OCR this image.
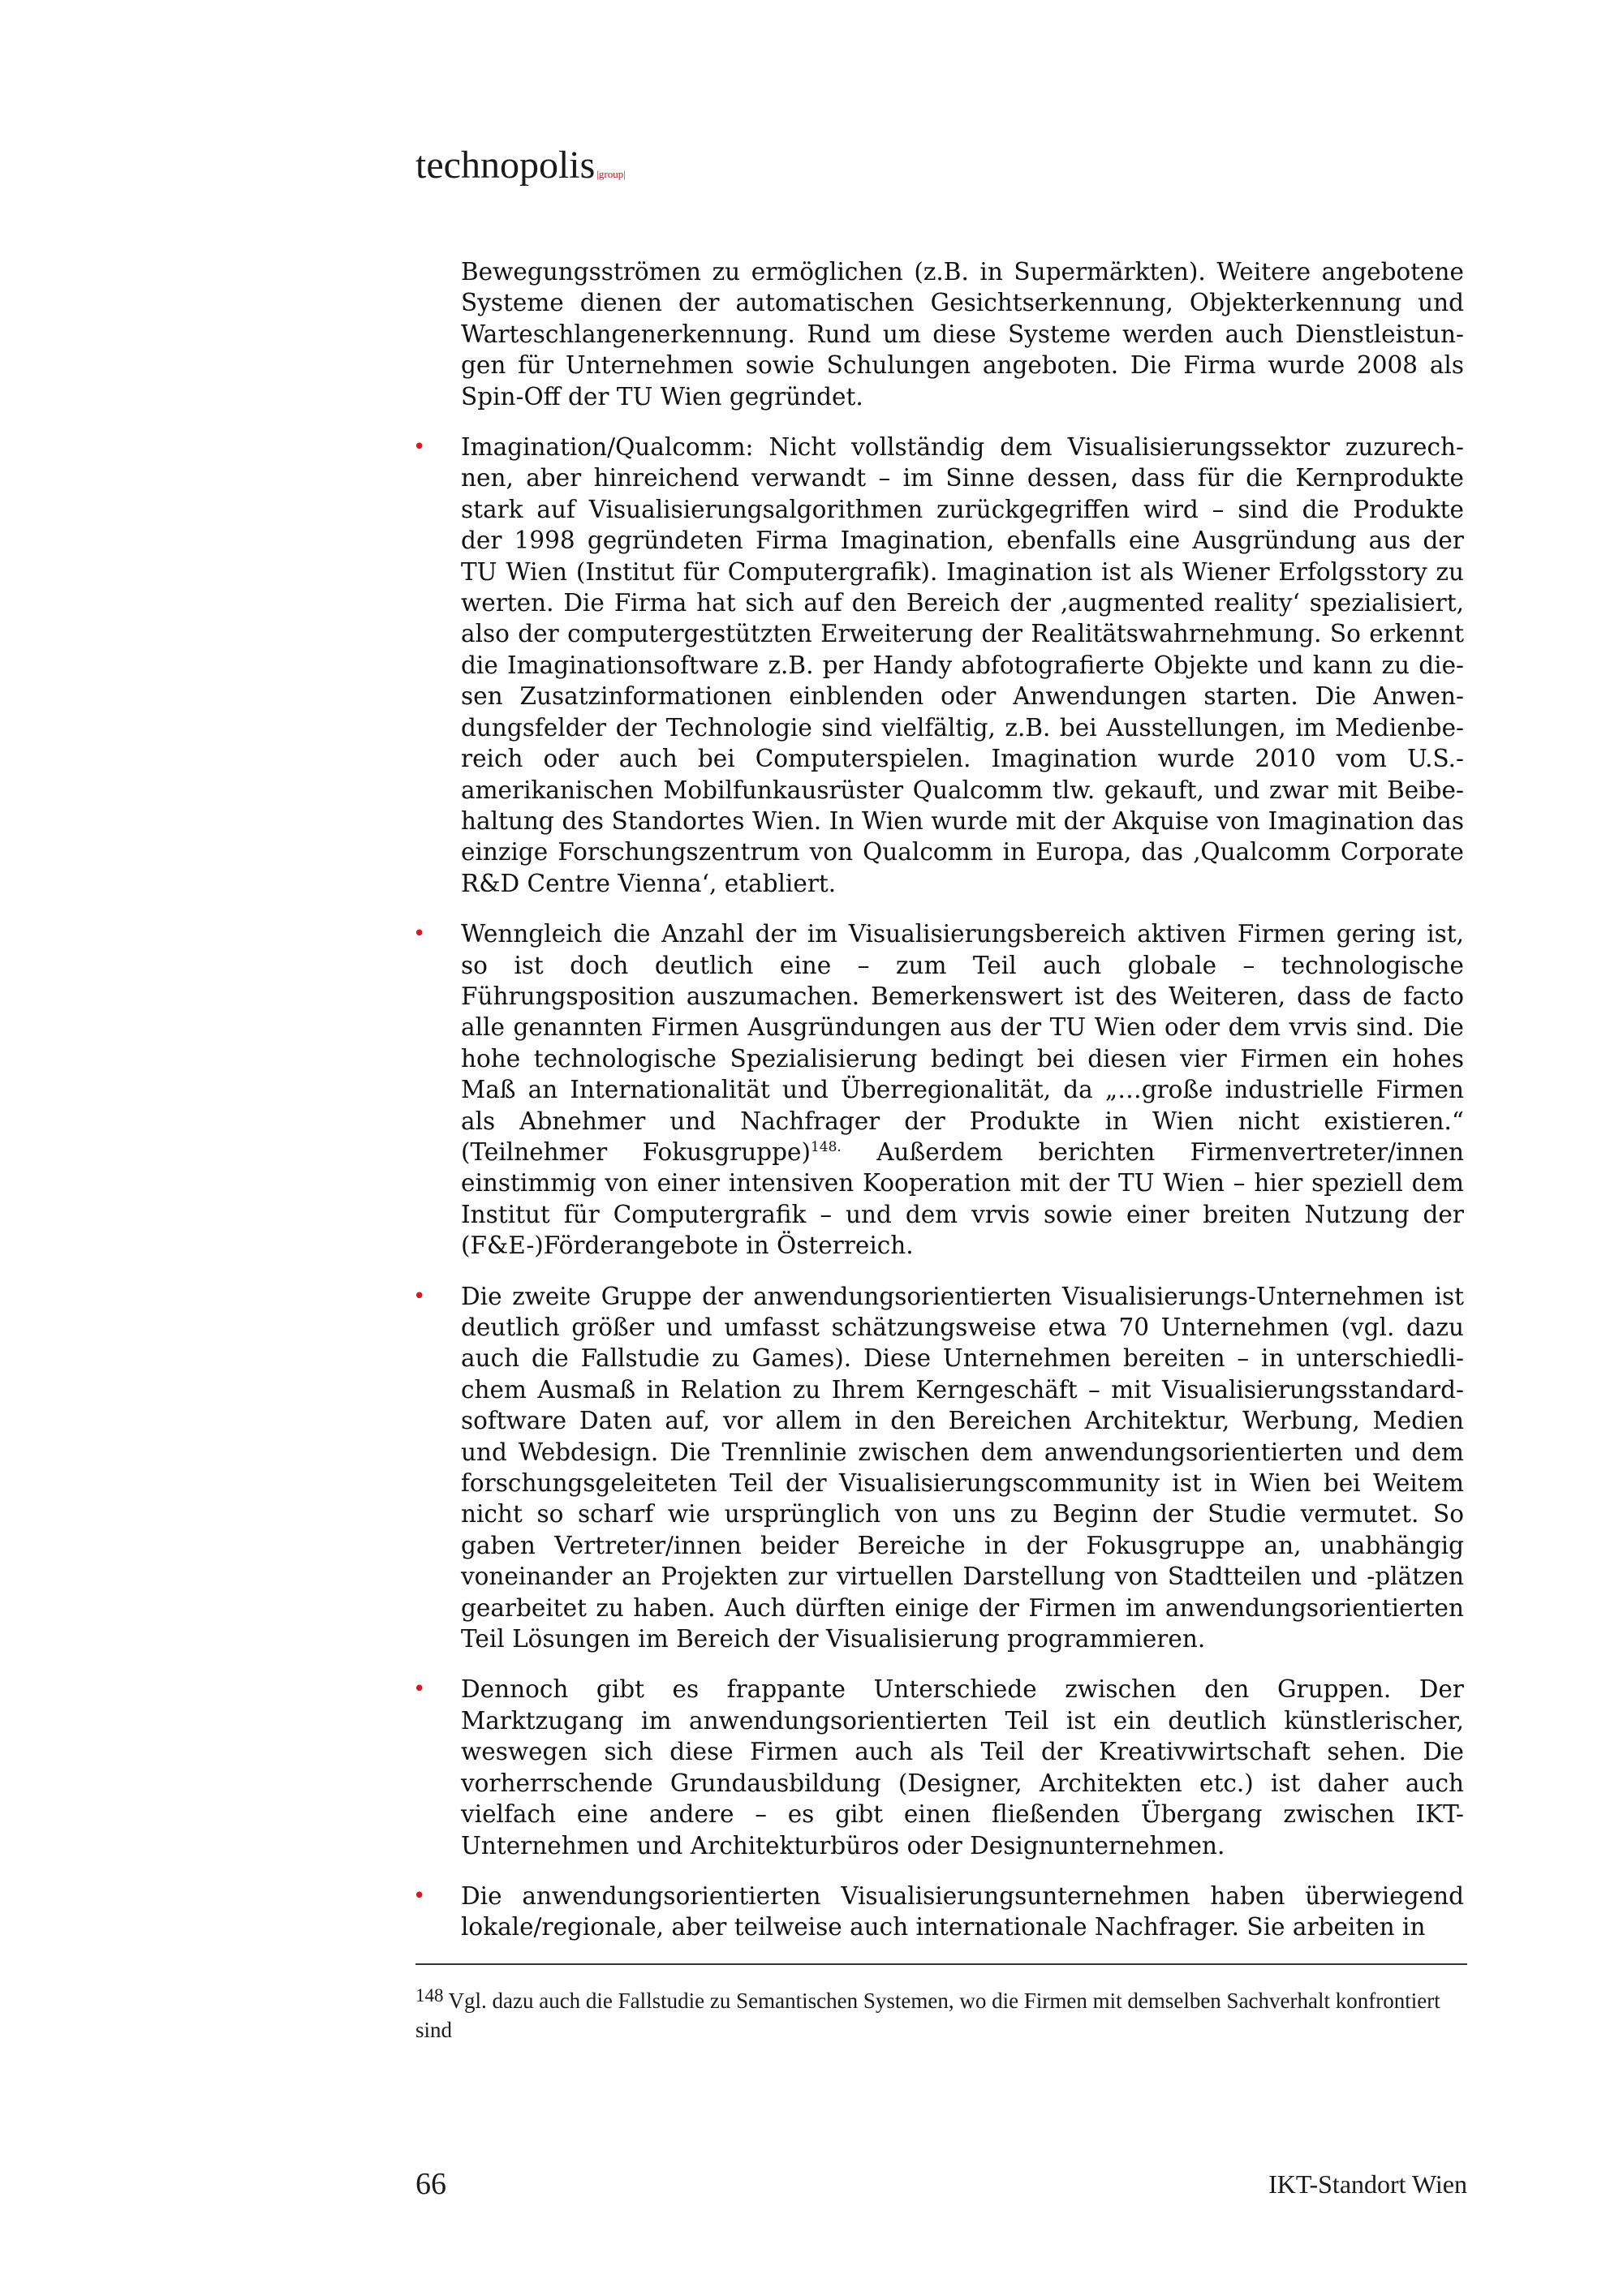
technopolis |group|

Bewegungsströmen zu ermöglichen (z.B. in Supermärkten). Weitere angebotene Systeme dienen der automatischen Gesichtserkennung, Objekterkennung und Warteschlangenerkennung. Rund um diese Systeme werden auch Dienstleistungen für Unternehmen sowie Schulungen angeboten. Die Firma wurde 2008 als Spin-Off der TU Wien gegründet.

• Imagination/Qualcomm: Nicht vollständig dem Visualisierungssektor zuzurechnen, aber hinreichend verwandt – im Sinne dessen, dass für die Kernprodukte stark auf Visualisierungsalgorithmen zurückgegriffen wird – sind die Produkte der 1998 gegründeten Firma Imagination, ebenfalls eine Ausgründung aus der TU Wien (Institut für Computergrafik). Imagination ist als Wiener Erfolgsstory zu werten. Die Firma hat sich auf den Bereich der ‚augmented reality‘ spezialisiert, also der computergestützten Erweiterung der Realitätswahrnehmung. So erkennt die Imaginationsoftware z.B. per Handy abfotografierte Objekte und kann zu diesen Zusatzinformationen einblenden oder Anwendungen starten. Die Anwendungsfelder der Technologie sind vielfältig, z.B. bei Ausstellungen, im Medienbereich oder auch bei Computerspielen. Imagination wurde 2010 vom U.S.-amerikanischen Mobilfunkausrüster Qualcomm tlw. gekauft, und zwar mit Beibehaltung des Standortes Wien. In Wien wurde mit der Akquise von Imagination das einzige Forschungszentrum von Qualcomm in Europa, das ‚Qualcomm Corporate R&D Centre Vienna‘, etabliert.
• Wenngleich die Anzahl der im Visualisierungsbereich aktiven Firmen gering ist, so ist doch deutlich eine – zum Teil auch globale – technologische Führungsposition auszumachen. Bemerkenswert ist des Weiteren, dass de facto alle genannten Firmen Ausgründungen aus der TU Wien oder dem vrvis sind. Die hohe technologische Spezialisierung bedingt bei diesen vier Firmen ein hohes Maß an Internationalität und Überregionalität, da „…große industrielle Firmen als Abnehmer und Nachfrager der Produkte in Wien nicht existieren.“ (Teilnehmer Fokusgruppe)$^{148.}$ Außerdem berichten Firmenvertreter/innen einstimmig von einer intensiven Kooperation mit der TU Wien – hier speziell dem Institut für Computergrafik – und dem vrvis sowie einer breiten Nutzung der (F&E-)Förderangebote in Österreich.
• Die zweite Gruppe der anwendungsorientierten Visualisierungs-Unternehmen ist deutlich größer und umfasst schätzungsweise etwa 70 Unternehmen (vgl. dazu auch die Fallstudie zu Games). Diese Unternehmen bereiten – in unterschiedlichem Ausmaß in Relation zu Ihrem Kerngeschäft – mit Visualisierungsstandardsoftware Daten auf, vor allem in den Bereichen Architektur, Werbung, Medien und Webdesign. Die Trennlinie zwischen dem anwendungsorientierten und dem forschungsgeleiteten Teil der Visualisierungscommunity ist in Wien bei Weitem nicht so scharf wie ursprünglich von uns zu Beginn der Studie vermutet. So gaben Vertreter/innen beider Bereiche in der Fokusgruppe an, unabhängig voneinander an Projekten zur virtuellen Darstellung von Stadtteilen und -plätzen gearbeitet zu haben. Auch dürften einige der Firmen im anwendungsorientierten Teil Lösungen im Bereich der Visualisierung programmieren.
• Dennoch gibt es frappante Unterschiede zwischen den Gruppen. Der Marktzugang im anwendungsorientierten Teil ist ein deutlich künstlerischer, weswegen sich diese Firmen auch als Teil der Kreativwirtschaft sehen. Die vorherrschende Grundausbildung (Designer, Architekten etc.) ist daher auch vielfach eine andere – es gibt einen fließenden Übergang zwischen IKT-Unternehmen und Architekturbüros oder Designunternehmen.
• Die anwendungsorientierten Visualisierungsunternehmen haben überwiegend lokale/regionale, aber teilweise auch internationale Nachfrager. Sie arbeiten in
148 Vgl. dazu auch die Fallstudie zu Semantischen Systemen, wo die Firmen mit demselben Sachverhalt konfrontiert sind
66	IKT-Standort Wien
